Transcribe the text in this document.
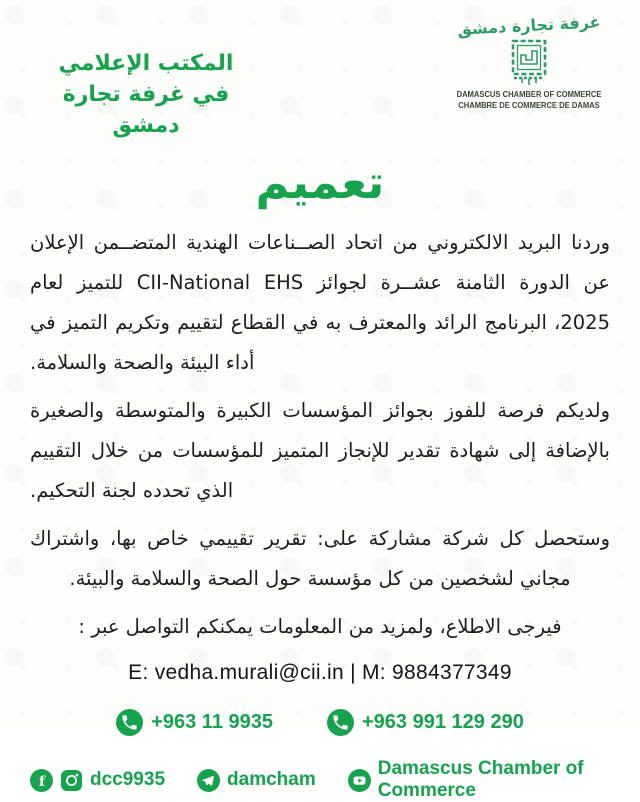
المكتب الإعلامي
في غرفة تجارة دمشق
غرفة تجارة دمشق
DAMASCUS CHAMBER OF COMMERCE
CHAMBRE DE COMMERCE DE DAMAS
تعميم

وردنا البريد الالكتروني من اتحاد الصــناعات الهندية المتضــمن الإعلان عن الدورة الثامنة عشــرة لجوائز CII-National EHS للتميز لعام 2025، البرنامج الرائد والمعترف به في القطاع لتقييم وتكريم التميز في أداء البيئة والصحة والسلامة.

ولديكم فرصة للفوز بجوائز المؤسسات الكبيرة والمتوسطة والصغيرة بالإضافة إلى شهادة تقدير للإنجاز المتميز للمؤسسات من خلال التقييم الذي تحدده لجنة التحكيم.

وستحصل كل شركة مشاركة على: تقرير تقييمي خاص بها، واشتراك مجاني لشخصين من كل مؤسسة حول الصحة والسلامة والبيئة.

فيرجى الاطلاع، ولمزيد من المعلومات يمكنكم التواصل عبر :
E: vedha.murali@cii.in | M: 9884377349
+963 11 9935	+963 991 129 290
f dcc9935	damcham
Damascus Chamber of Commerce
